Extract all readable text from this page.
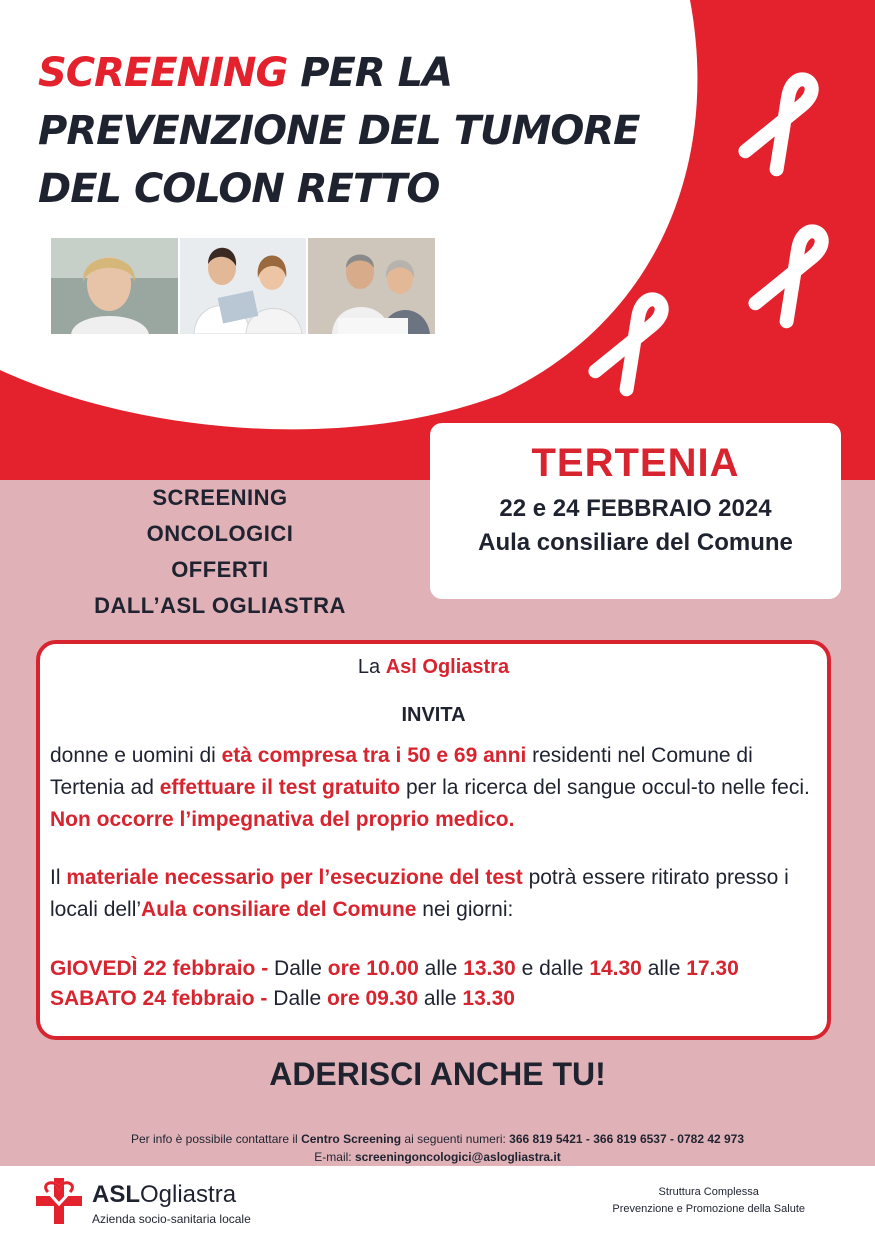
SCREENING PER LA
PREVENZIONE DEL TUMORE
DEL COLON RETTO

TERTENIA

22 e 24 FEBBRAIO 2024

Aula consiliare del Comune

SCREENING
ONCOLOGICI
OFFERTI
DALL’ASL OGLIASTRA

La Asl Ogliastra

INVITA

donne e uomini di età compresa tra i 50 e 69 anni residenti nel Comune di Tertenia ad effettuare il test gratuito per la ricerca del sangue occul-to nelle feci. Non occorre l’impegnativa del proprio medico.

Il materiale necessario per l’esecuzione del test potrà essere ritirato presso i locali dell’Aula consiliare del Comune nei giorni:

GIOVEDÌ 22 febbraio - Dalle ore 10.00 alle 13.30 e dalle 14.30 alle 17.30
SABATO 24 febbraio - Dalle ore 09.30 alle 13.30
ADERISCI ANCHE TU!
Per info è possibile contattare il Centro Screening ai seguenti numeri: 366 819 5421 - 366 819 6537 - 0782 42 973
E-mail: screeningoncologici@aslogliastra.it
ASLOgliastra
Azienda socio-sanitaria locale
Struttura Complessa
Prevenzione e Promozione della Salute
